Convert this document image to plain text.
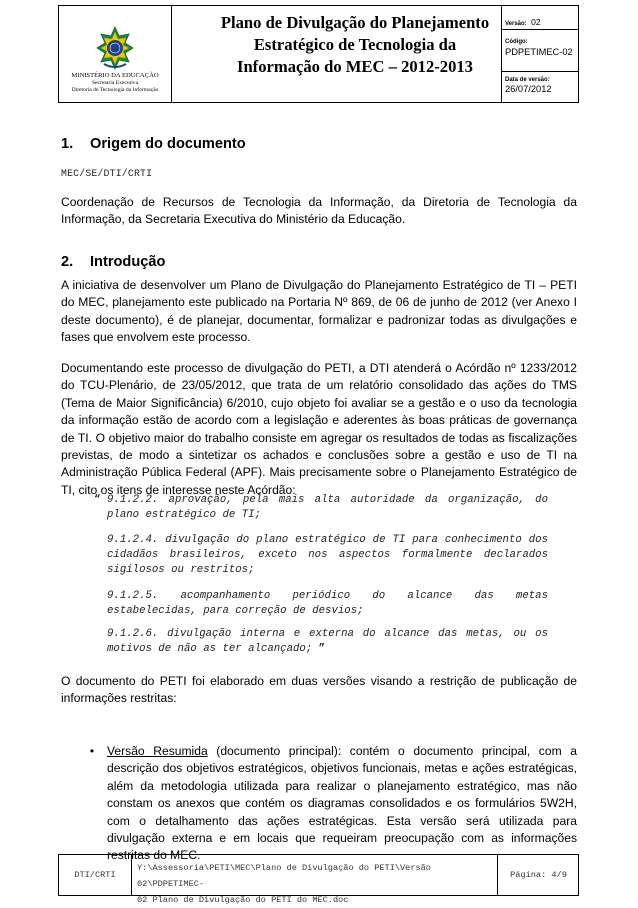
MINISTÉRIO DA EDUCAÇÃO
Secretaria Executiva
Diretoria de Tecnologia da Informação
Plano de Divulgação do Planejamento
Estratégico de Tecnologia da
Informação do MEC – 2012-2013
Versão: 02
Código:
PDPETIMEC-02
Data de versão:
26/07/2012
1. Origem do documento
MEC/SE/DTI/CRTI
Coordenação de Recursos de Tecnologia da Informação, da Diretoria de Tecnologia da Informação, da Secretaria Executiva do Ministério da Educação.
2. Introdução
A iniciativa de desenvolver um Plano de Divulgação do Planejamento Estratégico de TI – PETI do MEC, planejamento este publicado na Portaria Nº 869, de 06 de junho de 2012 (ver Anexo I deste documento), é de planejar, documentar, formalizar e padronizar todas as divulgações e fases que envolvem este processo.
Documentando este processo de divulgação do PETI, a DTI atenderá o Acórdão nº 1233/2012 do TCU-Plenário, de 23/05/2012, que trata de um relatório consolidado das ações do TMS (Tema de Maior Significância) 6/2010, cujo objeto foi avaliar se a gestão e o uso da tecnologia da informação estão de acordo com a legislação e aderentes às boas práticas de governança de TI. O objetivo maior do trabalho consiste em agregar os resultados de todas as fiscalizações previstas, de modo a sintetizar os achados e conclusões sobre a gestão e uso de TI na Administração Pública Federal (APF). Mais precisamente sobre o Planejamento Estratégico de TI, cito os itens de interesse neste Acórdão:
“ 9.1.2.2. aprovação, pela mais alta autoridade da organização, do plano estratégico de TI;
9.1.2.4. divulgação do plano estratégico de TI para conhecimento dos cidadãos brasileiros, exceto nos aspectos formalmente declarados sigilosos ou restritos;
9.1.2.5. acompanhamento periódico do alcance das metas estabelecidas, para correção de desvios;
9.1.2.6. divulgação interna e externa do alcance das metas, ou os motivos de não as ter alcançado; ”
O documento do PETI foi elaborado em duas versões visando a restrição de publicação de informações restritas:
•	Versão Resumida (documento principal): contém o documento principal, com a descrição dos objetivos estratégicos, objetivos funcionais, metas e ações estratégicas, além da metodologia utilizada para realizar o planejamento estratégico, mas não constam os anexos que contém os diagramas consolidados e os formulários 5W2H, com o detalhamento das ações estratégicas. Esta versão será utilizada para divulgação externa e em locais que requeiram preocupação com as informações restritas do MEC.
DTI/CRTI
Y:\Assessoria\PETI\MEC\Plano de Divulgação do PETI\Versão 02\PDPETIMEC-
02 Plano de Divulgação do PETI do MEC.doc
Página: 4/9
